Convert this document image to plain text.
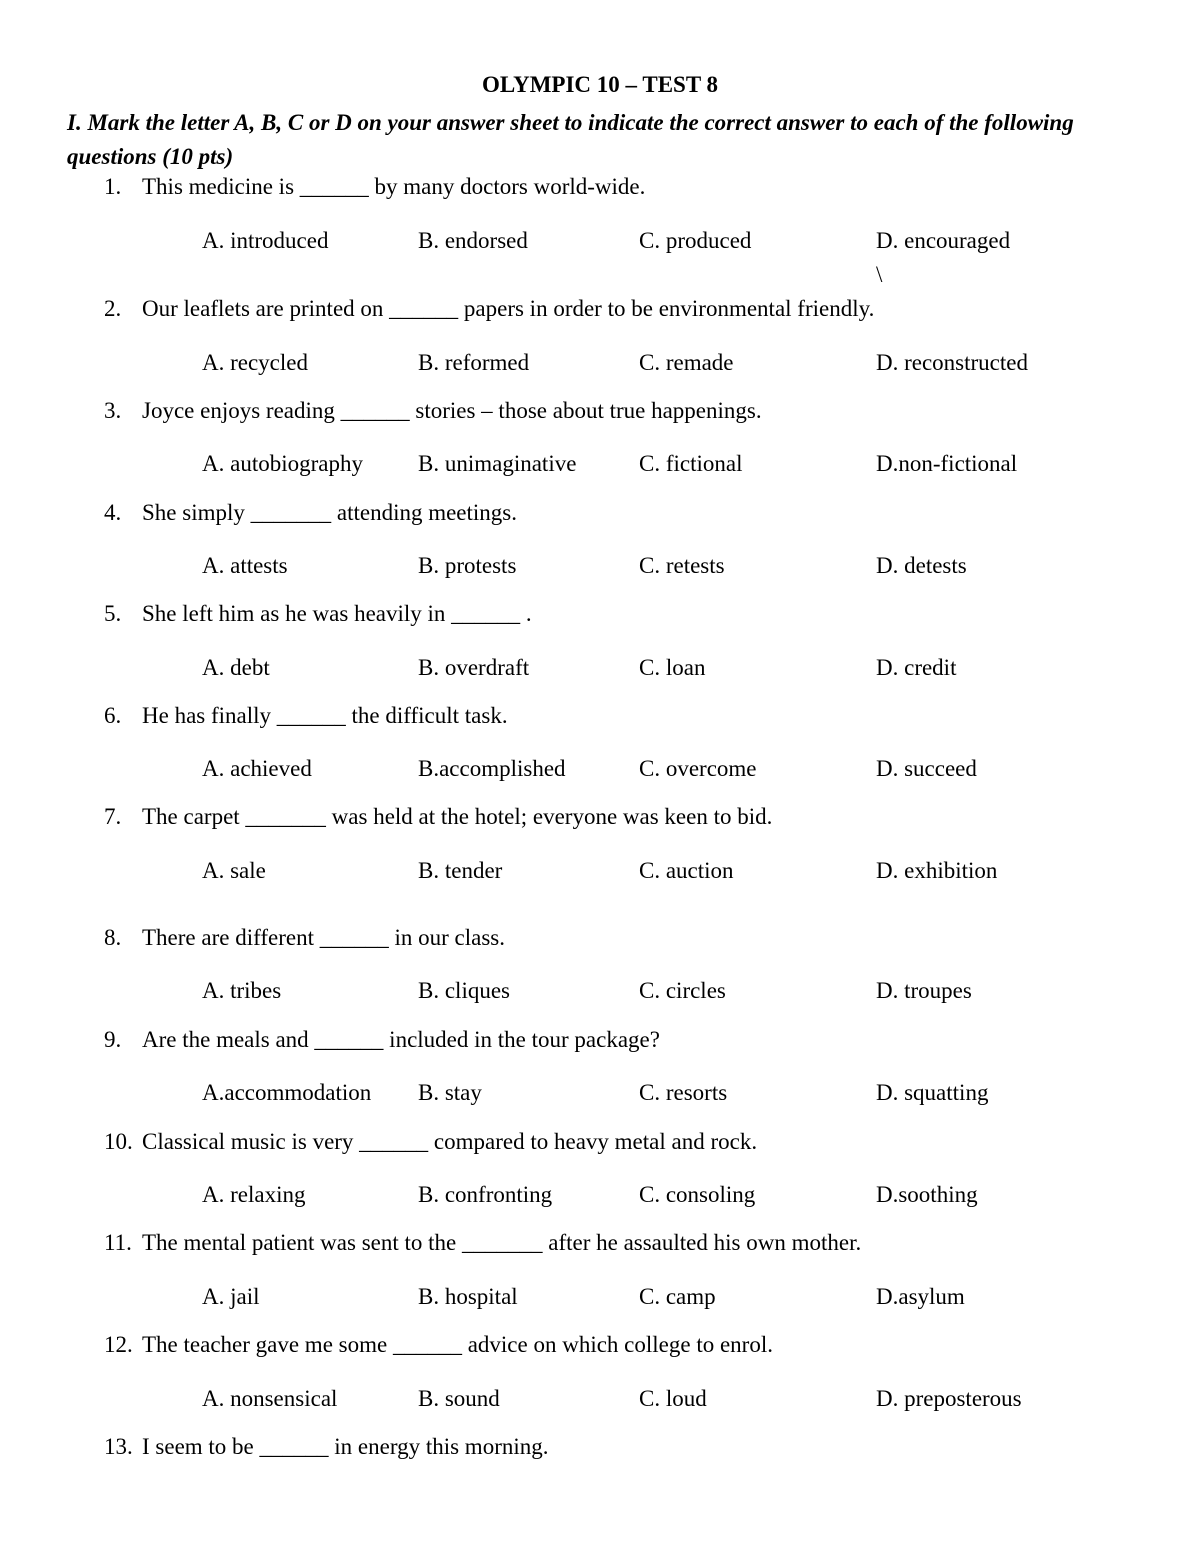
OLYMPIC 10 – TEST 8
I. Mark the letter A, B, C or D on your answer sheet to indicate the correct answer to each of the following questions (10 pts)
1. This medicine is ______ by many doctors world-wide.
A. introduced	B. endorsed	C. produced	D. encouraged
\
2. Our leaflets are printed on ______ papers in order to be environmental friendly.
A. recycled	B. reformed	C. remade	D. reconstructed
3. Joyce enjoys reading ______ stories – those about true happenings.
A. autobiography B. unimaginative	C. fictional	D.non-fictional
4. She simply _______ attending meetings.
A. attests	B. protests	C. retests	D. detests
5. She left him as he was heavily in ______ .
A. debt	B. overdraft	C. loan	D. credit
6. He has finally ______ the difficult task.
A. achieved	B.accomplished	C. overcome	D. succeed
7. The carpet _______ was held at the hotel; everyone was keen to bid.
A. sale	B. tender	C. auction	D. exhibition
8. There are different ______ in our class.
A. tribes	B. cliques	C. circles	D. troupes
9. Are the meals and ______ included in the tour package?
A.accommodation B. stay	C. resorts	D. squatting
10. Classical music is very ______ compared to heavy metal and rock.
A. relaxing	B. confronting	C. consoling	D.soothing
11. The mental patient was sent to the _______ after he assaulted his own mother.
A. jail	B. hospital	C. camp	D.asylum
12. The teacher gave me some ______ advice on which college to enrol.
A. nonsensical	B. sound	C. loud	D. preposterous
13. I seem to be ______ in energy this morning.
